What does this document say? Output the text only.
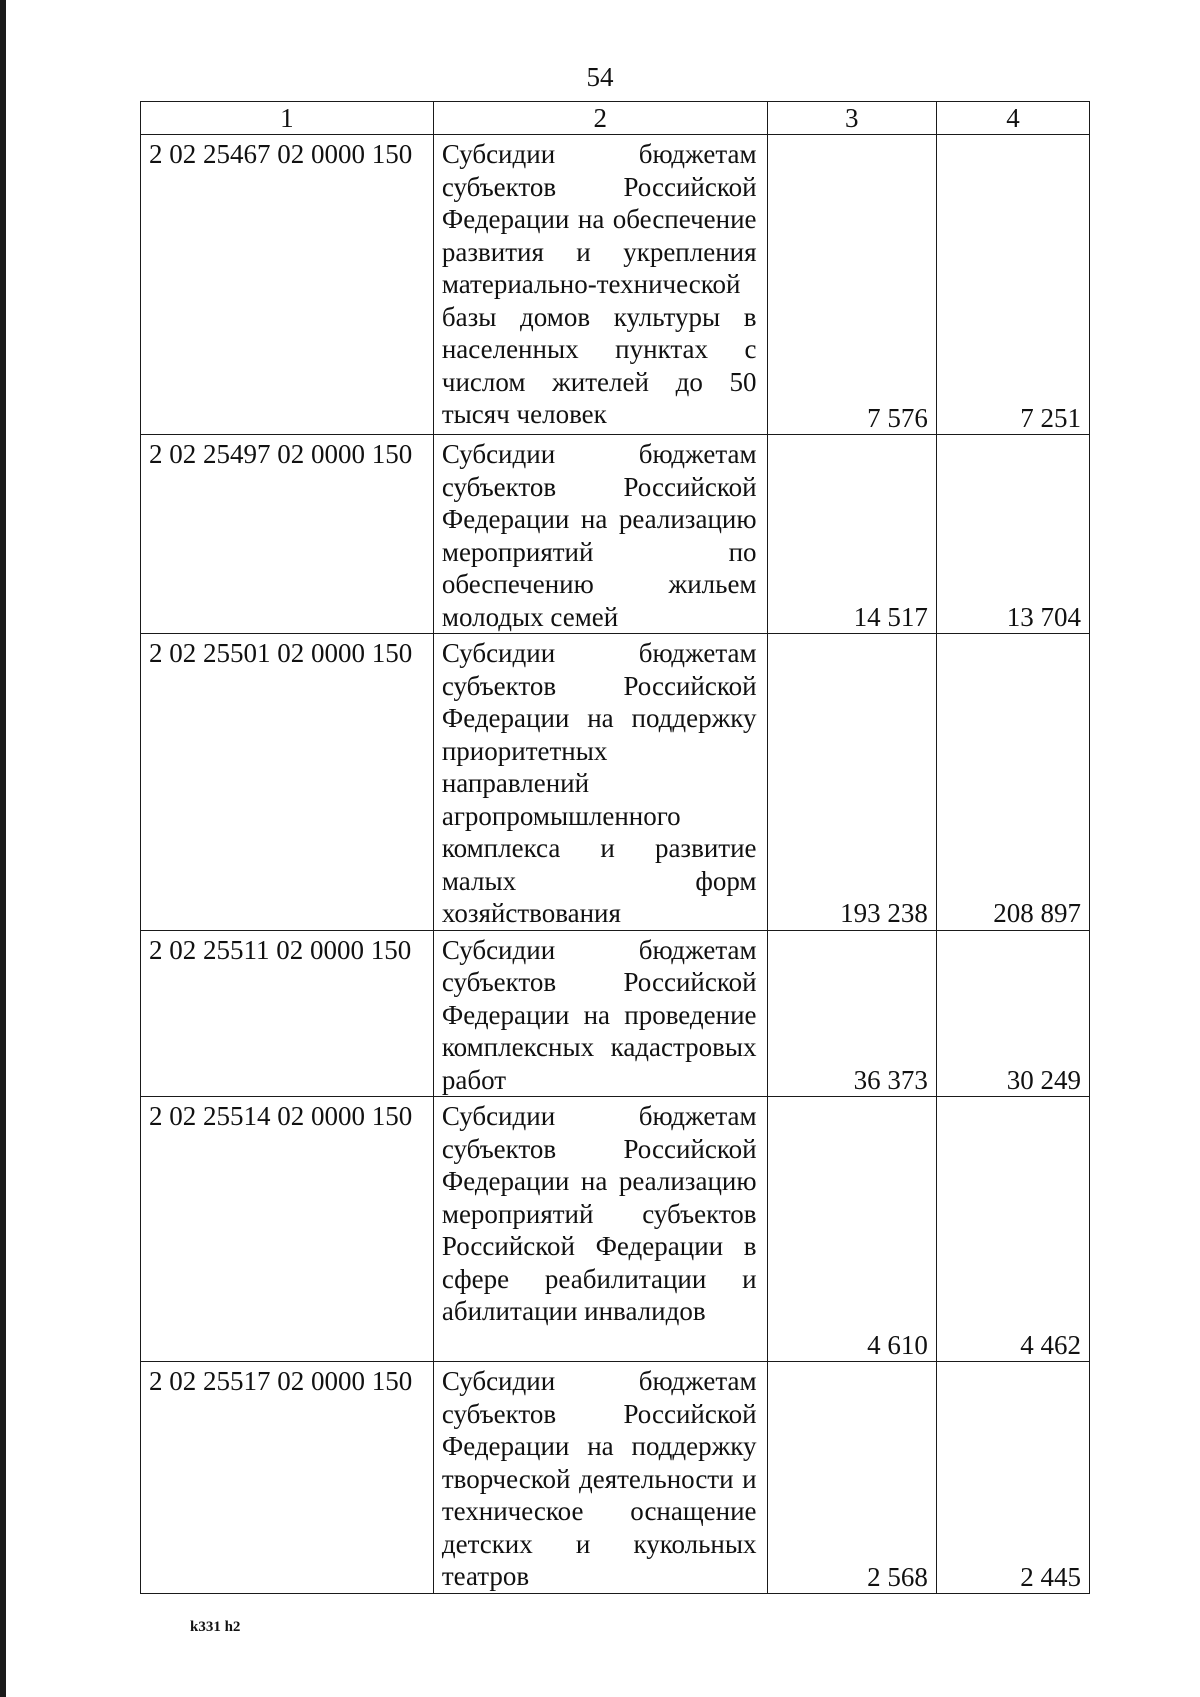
54
1	2	3	4
2 02 25467 02 0000 150	Субсидии бюджетам субъектов Российской Федерации на обеспечение развития и укрепления материально-технической базы домов культуры в населенных пунктах с числом жителей до 50 тысяч человек	7 576	7 251
2 02 25497 02 0000 150	Субсидии бюджетам субъектов Российской Федерации на реализацию мероприятий по обеспечению жильем молодых семей	14 517	13 704
2 02 25501 02 0000 150	Субсидии бюджетам субъектов Российской Федерации на поддержку приоритетных направлений агропромышленного комплекса и развитие малых форм хозяйствования	193 238	208 897
2 02 25511 02 0000 150	Субсидии бюджетам субъектов Российской Федерации на проведение комплексных кадастровых работ	36 373	30 249
2 02 25514 02 0000 150	Субсидии бюджетам субъектов Российской Федерации на реализацию мероприятий субъектов Российской Федерации в сфере реабилитации и абилитации инвалидов	4 610	4 462
2 02 25517 02 0000 150	Субсидии бюджетам субъектов Российской Федерации на поддержку творческой деятельности и техническое оснащение детских и кукольных театров	2 568	2 445
k331 h2
